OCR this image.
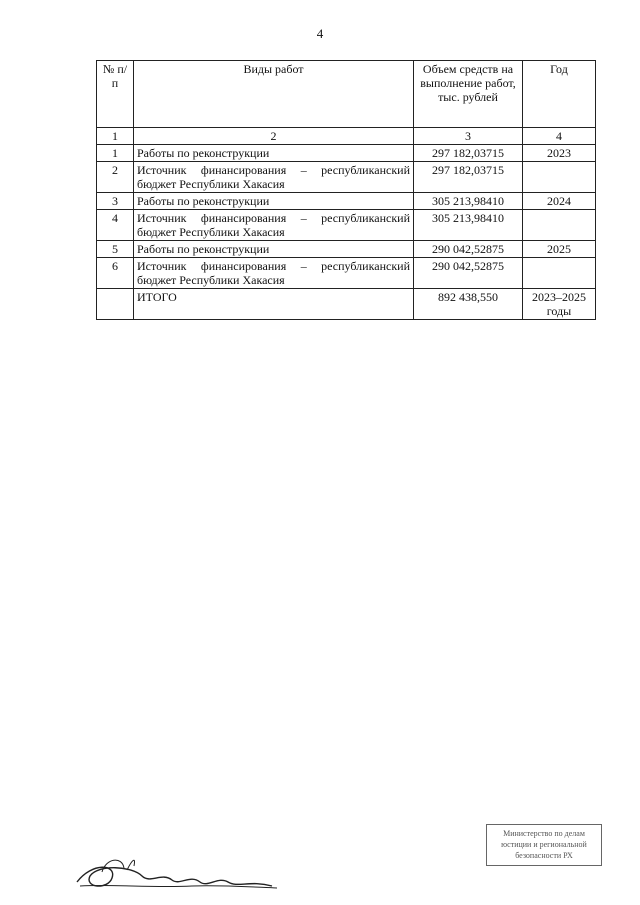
4
№ п/п	Виды работ	Объем средств на выполнение работ, тыс. рублей	Год
1	2	3	4
1	Работы по реконструкции	297 182,03715	2023
2	Источник финансирования – республиканский бюджет Республики Хакасия	297 182,03715	
3	Работы по реконструкции	305 213,98410	2024
4	Источник финансирования – республиканский бюджет Республики Хакасия	305 213,98410	
5	Работы по реконструкции	290 042,52875	2025
6	Источник финансирования – республиканский бюджет Республики Хакасия	290 042,52875	
	ИТОГО	892 438,550	2023–2025 годы
Министерство по делам
юстиции и региональной
безопасности РХ
